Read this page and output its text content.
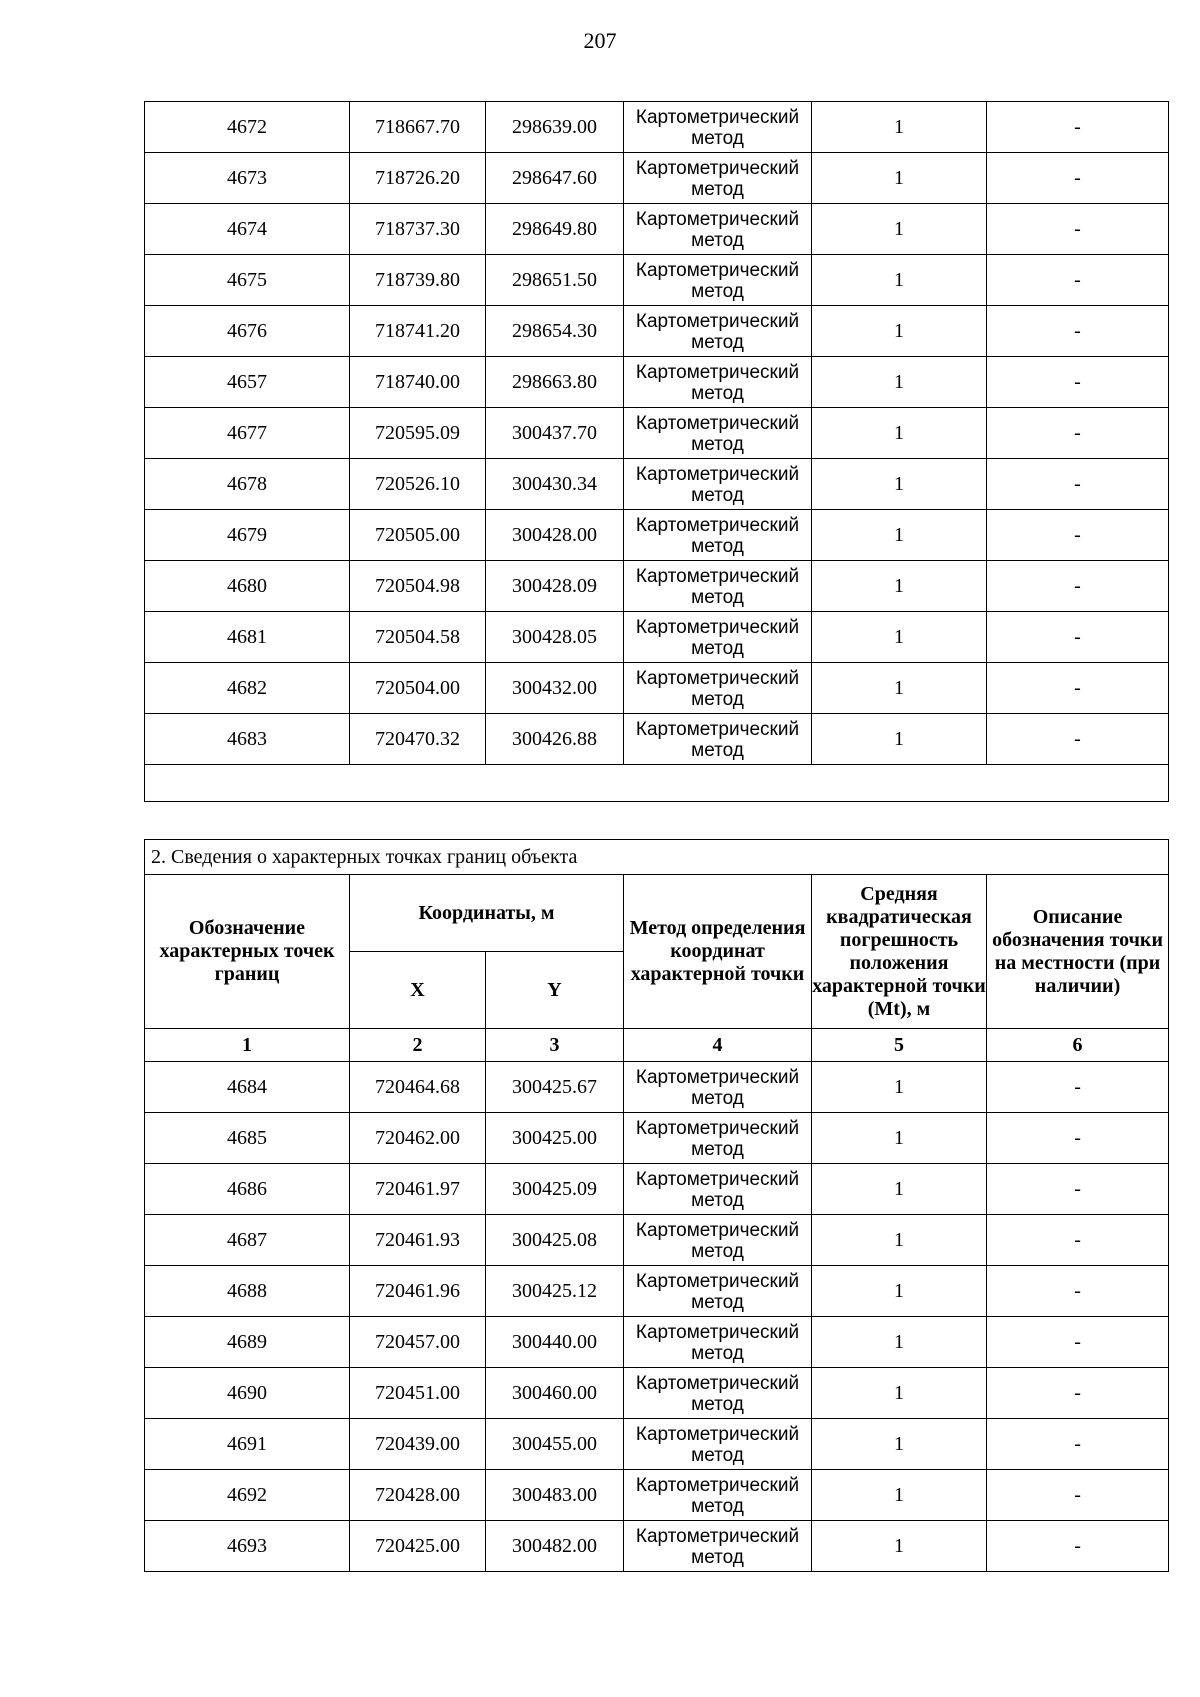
207
4672	718667.70	298639.00	Картометрический
метод	1	-
4673	718726.20	298647.60	Картометрический
метод	1	-
4674	718737.30	298649.80	Картометрический
метод	1	-
4675	718739.80	298651.50	Картометрический
метод	1	-
4676	718741.20	298654.30	Картометрический
метод	1	-
4657	718740.00	298663.80	Картометрический
метод	1	-
4677	720595.09	300437.70	Картометрический
метод	1	-
4678	720526.10	300430.34	Картометрический
метод	1	-
4679	720505.00	300428.00	Картометрический
метод	1	-
4680	720504.98	300428.09	Картометрический
метод	1	-
4681	720504.58	300428.05	Картометрический
метод	1	-
4682	720504.00	300432.00	Картометрический
метод	1	-
4683	720470.32	300426.88	Картометрический
метод	1	-

2. Сведения о характерных точках границ объекта					
Обозначение характерных точек границ	Координаты, м		Метод определения координат характерной точки	Средняя квадратическая погрешность положения характерной точки (Mt), м	Описание обозначения точки на местности (при наличии)
	X	Y			
1	2	3	4	5	6
4684	720464.68	300425.67	Картометрический
метод	1	-
4685	720462.00	300425.00	Картометрический
метод	1	-
4686	720461.97	300425.09	Картометрический
метод	1	-
4687	720461.93	300425.08	Картометрический
метод	1	-
4688	720461.96	300425.12	Картометрический
метод	1	-
4689	720457.00	300440.00	Картометрический
метод	1	-
4690	720451.00	300460.00	Картометрический
метод	1	-
4691	720439.00	300455.00	Картометрический
метод	1	-
4692	720428.00	300483.00	Картометрический
метод	1	-
4693	720425.00	300482.00	Картометрический
метод	1	-
